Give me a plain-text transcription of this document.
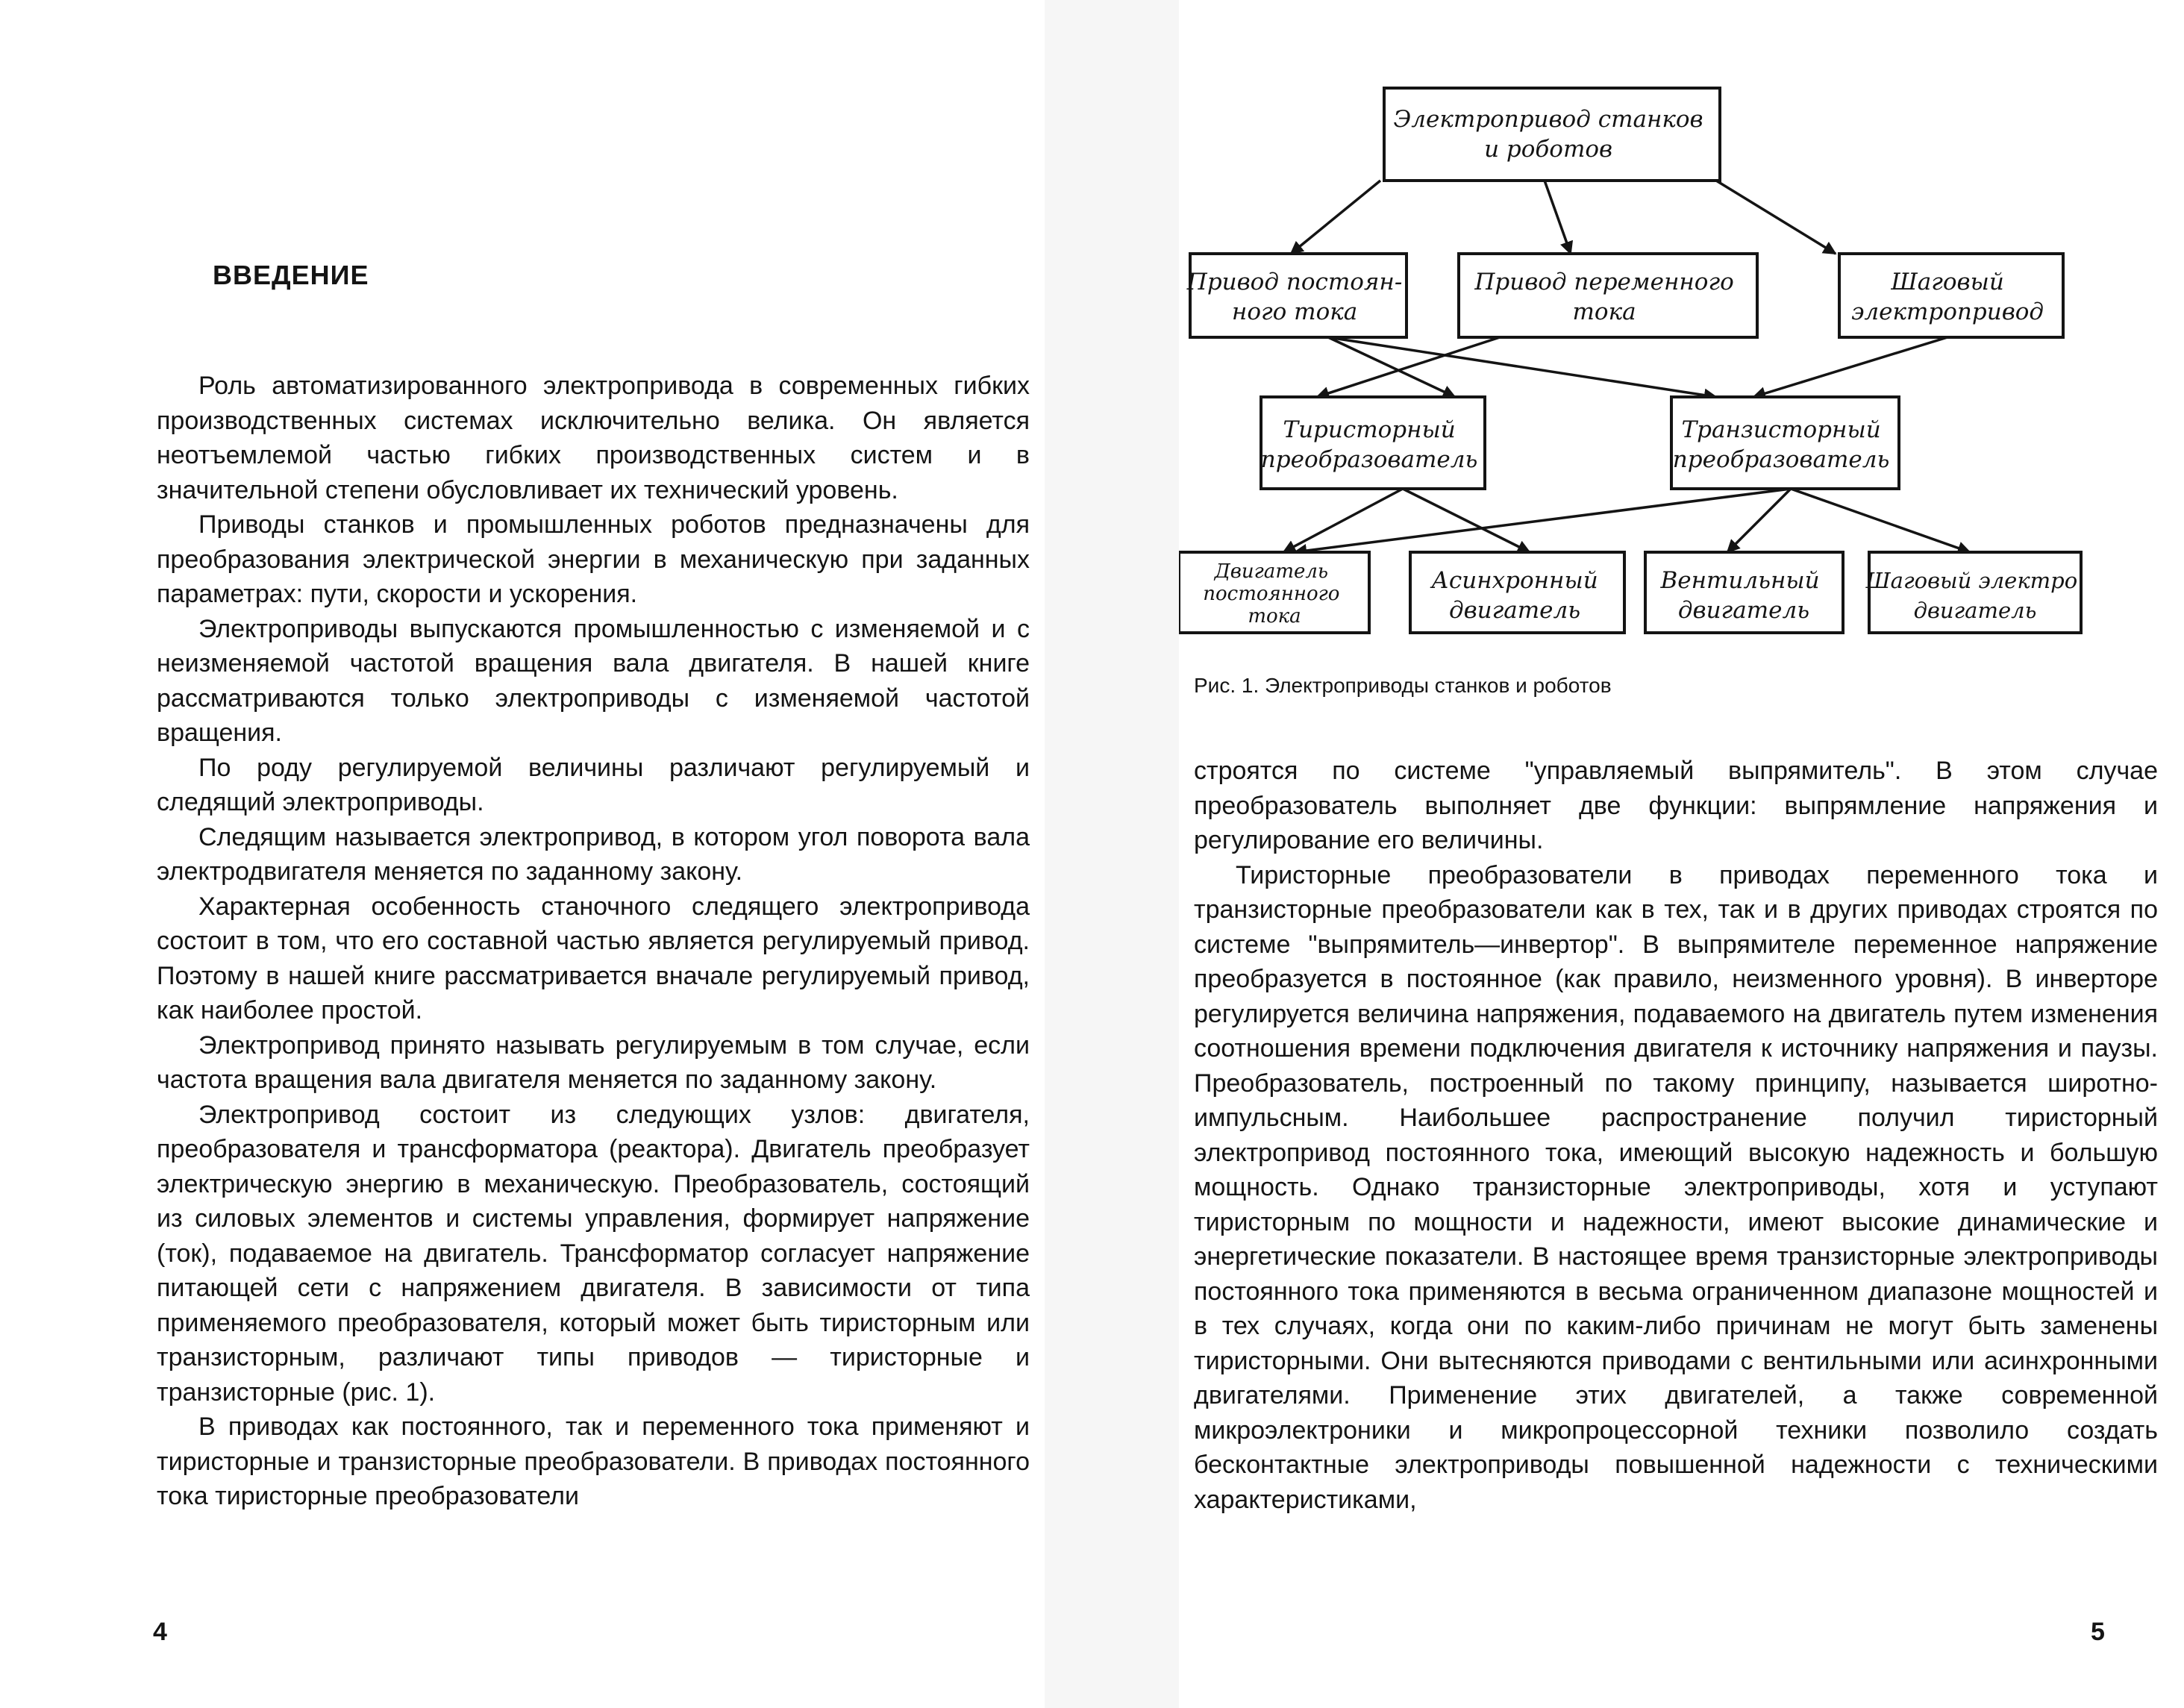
ВВЕДЕНИЕ

Роль автоматизированного электропривода в современных гибких производственных системах исключительно велика. Он является неотъемлемой частью гибких производственных систем и в значительной степени обусловливает их технический уровень.

Приводы станков и промышленных роботов предназначены для преобразования электрической энергии в механическую при заданных параметрах: пути, скорости и ускорения.

Электроприводы выпускаются промышленностью с изменяемой и с неизменяемой частотой вращения вала двигателя. В нашей книге рассматриваются только электроприводы с изменяемой частотой вращения.

По роду регулируемой величины различают регулируемый и следящий электроприводы.

Следящим называется электропривод, в котором угол поворота вала электродвигателя меняется по заданному закону.

Характерная особенность станочного следящего электропривода состоит в том, что его составной частью является регулируемый привод. Поэтому в нашей книге рассматривается вначале регулируемый привод, как наиболее простой.

Электропривод принято называть регулируемым в том случае, если частота вращения вала двигателя меняется по заданному закону.

Электропривод состоит из следующих узлов: двигателя, преобразователя и трансформатора (реактора). Двигатель преобразует электрическую энергию в механическую. Преобразователь, состоящий из силовых элементов и системы управления, формирует напряжение (ток), подаваемое на двигатель. Трансформатор согласует напряжение питающей сети с напряжением двигателя. В зависимости от типа применяемого преобразователя, который может быть тиристорным или транзисторным, различают типы приводов — тиристорные и транзисторные (рис. 1).

В приводах как постоянного, так и переменного тока применяют и тиристорные и транзисторные преобразователи. В приводах постоянного тока тиристорные преобразователи

4
Электропривод станков и роботов Привод постоян- ного тока Привод переменного тока Шаговый электропривод Тиристорный преобразователь Транзисторный преобразователь Асинхронный двигатель Вентильный двигатель
Двигатель постоянного тока
Шаговый электро двигатель
Рис. 1. Электроприводы станков и роботов

строятся по системе "управляемый выпрямитель". В этом случае преобразователь выполняет две функции: выпрямление напряжения и регулирование его величины.

Тиристорные преобразователи в приводах переменного тока и транзисторные преобразователи как в тех, так и в других приводах строятся по системе "выпрямитель—инвертор". В выпрямителе переменное напряжение преобразуется в постоянное (как правило, неизменного уровня). В инверторе регулируется величина напряжения, подаваемого на двигатель путем изменения соотношения времени подключения двигателя к источнику напряжения и паузы. Преобразователь, построенный по такому принципу, называется широтно-импульсным. Наибольшее распространение получил тиристорный электропривод постоянного тока, имеющий высокую надежность и большую мощность. Однако транзисторные электроприводы, хотя и уступают тиристорным по мощности и надежности, имеют высокие динамические и энергетические показатели. В настоящее время транзисторные электроприводы постоянного тока применяются в весьма ограниченном диапазоне мощностей и в тех случаях, когда они по каким-либо причинам не могут быть заменены тиристорными. Они вытесняются приводами с вентильными или асинхронными двигателями. Применение этих двигателей, а также современной микроэлектроники и микропроцессорной техники позволило создать бесконтактные электроприводы повышенной надежности с техническими характеристиками,

5
